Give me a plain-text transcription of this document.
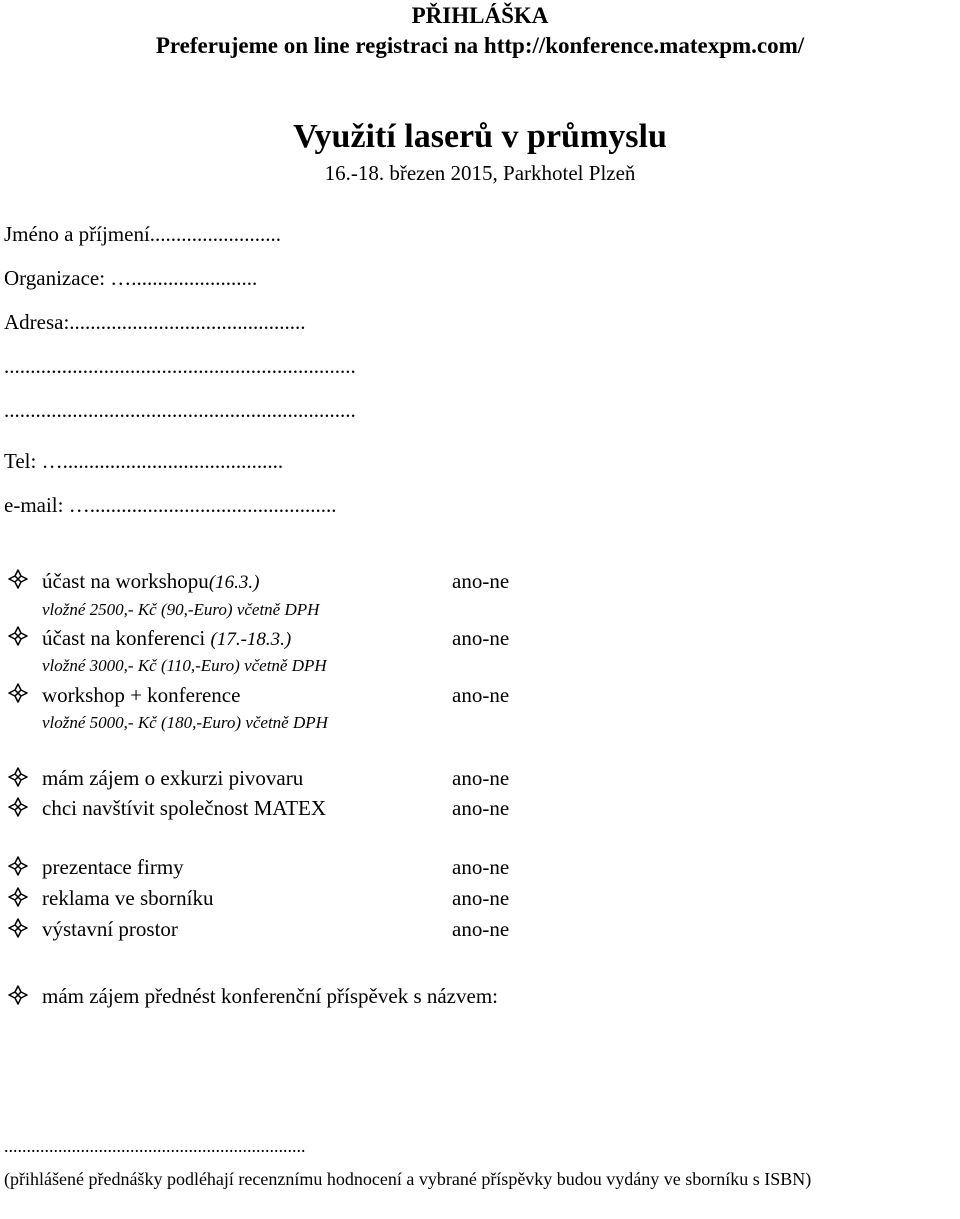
PŘIHLÁŠKA
Preferujeme on line registraci na http://konference.matexpm.com/
Využití laserů v průmyslu
16.-18. březen 2015, Parkhotel Plzeň
Jméno a příjmení.........................
Organizace: …........................
Adresa:.............................................
...................................................................
...................................................................
Tel: …..........................................
e-mail: …...............................................
účast na workshopu(16.3.)	ano-ne
vložné 2500,- Kč (90,-Euro) včetně DPH
účast na konferenci (17.-18.3.)	ano-ne
vložné 3000,- Kč (110,-Euro) včetně DPH
workshop + konference	ano-ne
vložné 5000,- Kč (180,-Euro) včetně DPH
mám zájem o exkurzi pivovaru	ano-ne
chci navštívit společnost MATEX	ano-ne
prezentace firmy	ano-ne
reklama ve sborníku	ano-ne
výstavní prostor	ano-ne
mám zájem přednést konferenční příspěvek s názvem:
...................................................................
(přihlášené přednášky podléhají recenznímu hodnocení a vybrané příspěvky budou vydány ve sborníku s ISBN)
